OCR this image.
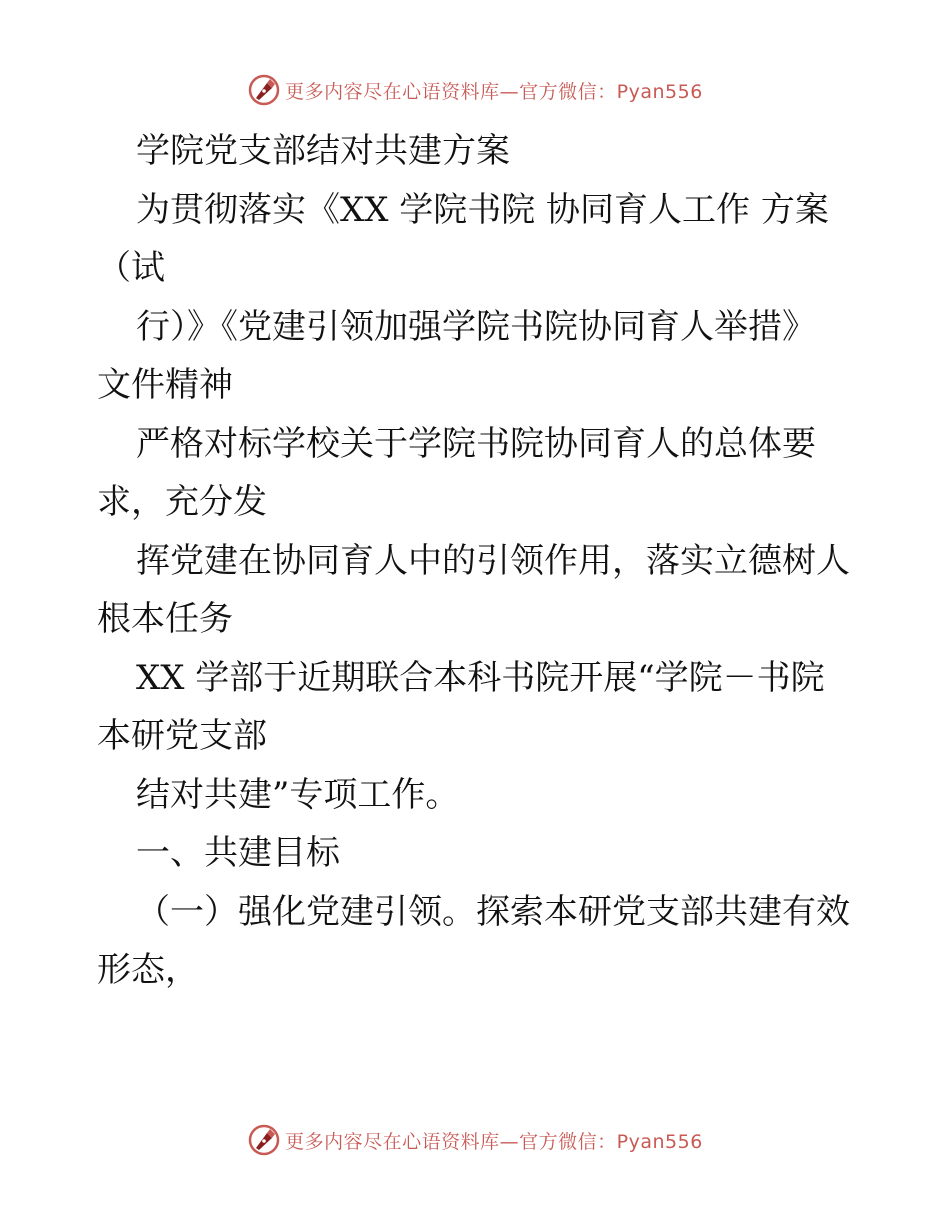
更多内容尽在心语资料库—官方微信：Pyan556

学院党支部结对共建方案

为贯彻落实《XX 学院书院 协同育人工作 方案

（试

行）》《党建引领加强学院书院协同育人举措》

文件精神

严格对标学校关于学院书院协同育人的总体要

求，充分发

挥党建在协同育人中的引领作用，落实立德树人

根本任务

XX 学部于近期联合本科书院开展“学院－书院

本研党支部

结对共建”专项工作。

一、共建目标

（一）强化党建引领。探索本研党支部共建有效

形态，

更多内容尽在心语资料库—官方微信：Pyan556
